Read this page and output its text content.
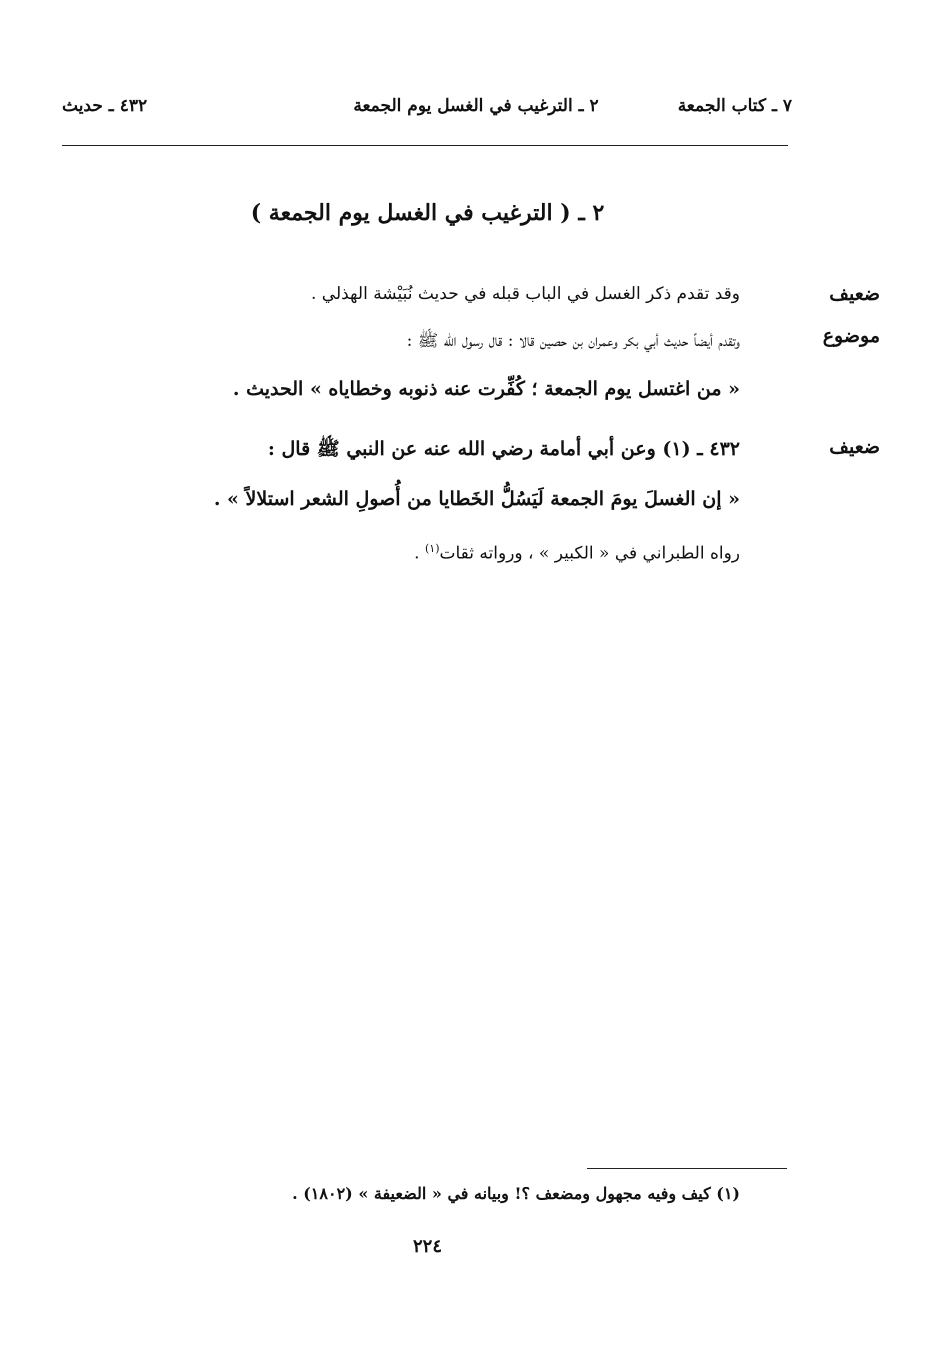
٧ ـ كتاب الجمعة
٢ ـ الترغيب في الغسل يوم الجمعة
٤٣٢ ـ حديث
٢ ـ ( الترغيب في الغسل يوم الجمعة )
ضعيف
وقد تقدم ذكر الغسل في الباب قبله في حديث نُبَيْشة الهذلي .
موضوع
وتقدم أيضاً حديث أبي بكر وعمران بن حصين قالا : قال رسول الله ﷺ :
« من اغتسل يوم الجمعة ؛ كُفِّرت عنه ذنوبه وخطاياه » الحديث .
ضعيف
٤٣٢ ـ (١) وعن أبي أمامة رضي الله عنه عن النبي ﷺ قال :
« إن الغسلَ يومَ الجمعة لَيَسُلُّ الخَطايا من أُصولِ الشعر استلالاً » .
رواه الطبراني في « الكبير » ، ورواته ثقات$^{(١)}$ .
(١) كيف وفيه مجهول ومضعف ؟! وبيانه في « الضعيفة » (١٨٠٢) .
٢٢٤
